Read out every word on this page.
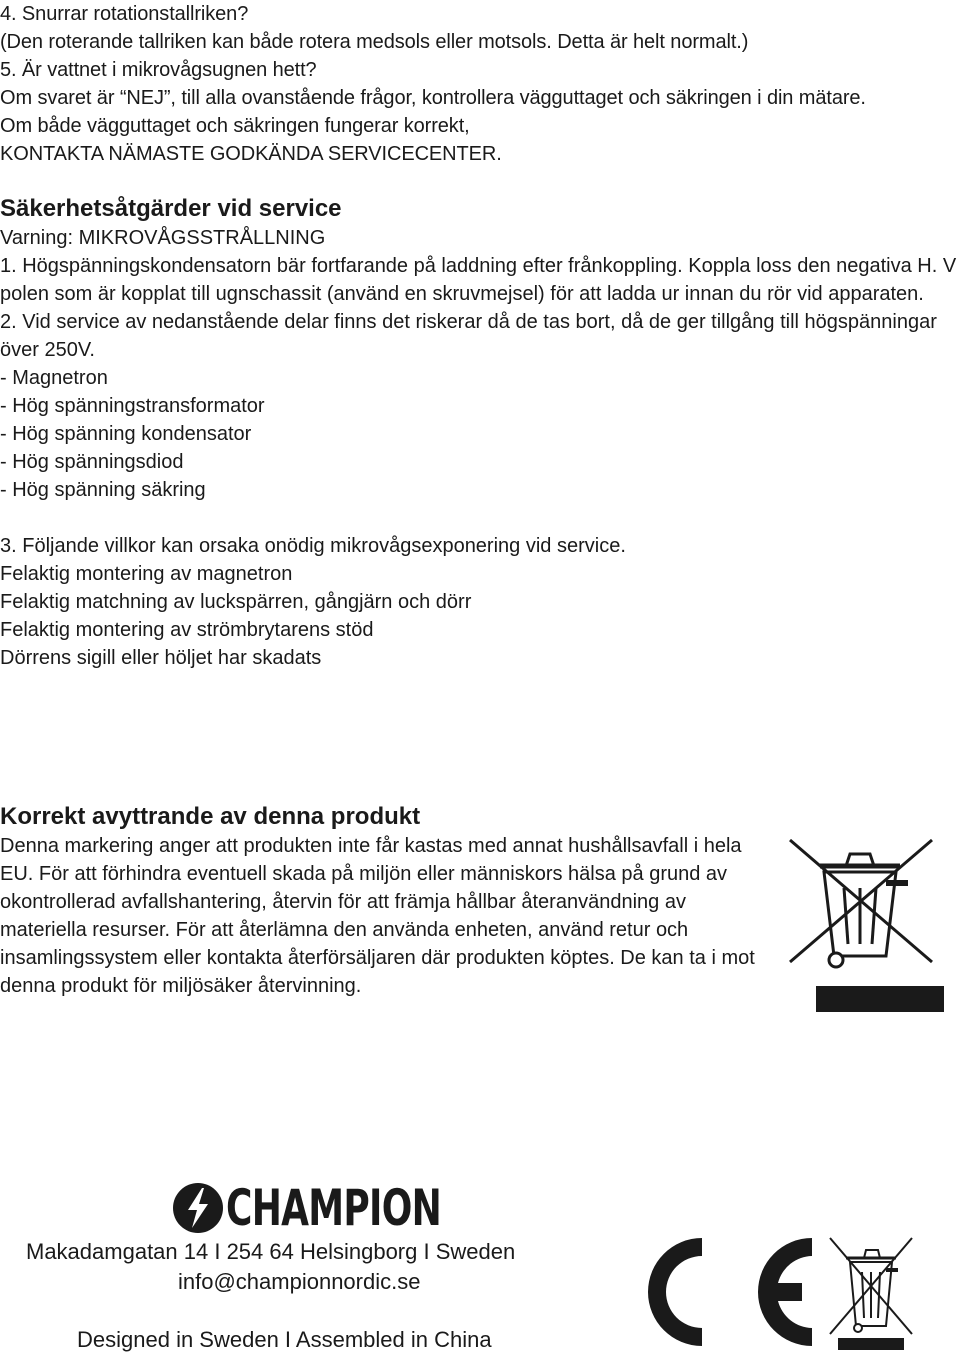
4. Snurrar rotationstallriken?
(Den roterande tallriken kan både rotera medsols eller motsols. Detta är helt normalt.)
5. Är vattnet i mikrovågsugnen hett?
Om svaret är “NEJ”, till alla ovanstående frågor, kontrollera vägguttaget och säkringen i din mätare.
Om både vägguttaget och säkringen fungerar korrekt,
KONTAKTA NÄMASTE GODKÄNDA SERVICECENTER.
Säkerhetsåtgärder vid service
Varning: MIKROVÅGSSTRÅLLNING
1. Högspänningskondensatorn bär fortfarande på laddning efter frånkoppling. Koppla loss den negativa H. V polen som är kopplat till ugnschassit (använd en skruvmejsel) för att ladda ur innan du rör vid apparaten.
2. Vid service av nedanstående delar finns det riskerar då de tas bort, då de ger tillgång till högspänningar över 250V.
- Magnetron
- Hög spänningstransformator
- Hög spänning kondensator
- Hög spänningsdiod
- Hög spänning säkring
3. Följande villkor kan orsaka onödig mikrovågsexponering vid service.
Felaktig montering av magnetron
Felaktig matchning av luckspärren, gångjärn och dörr
Felaktig montering av strömbrytarens stöd
Dörrens sigill eller höljet har skadats
Korrekt avyttrande av denna produkt
Denna markering anger att produkten inte får kastas med annat hushållsavfall i hela EU. För att förhindra eventuell skada på miljön eller människors hälsa på grund av okontrollerad avfallshantering, återvin för att främja hållbar återanvändning av materiella resurser. För att återlämna den använda enheten, använd retur och insamlingssystem eller kontakta återförsäljaren där produkten köptes. De kan ta i mot denna produkt för miljösäker återvinning.
CHAMPION
Makadamgatan 14 I 254 64 Helsingborg I Sweden
info@championnordic.se
Designed in Sweden I Assembled in China
